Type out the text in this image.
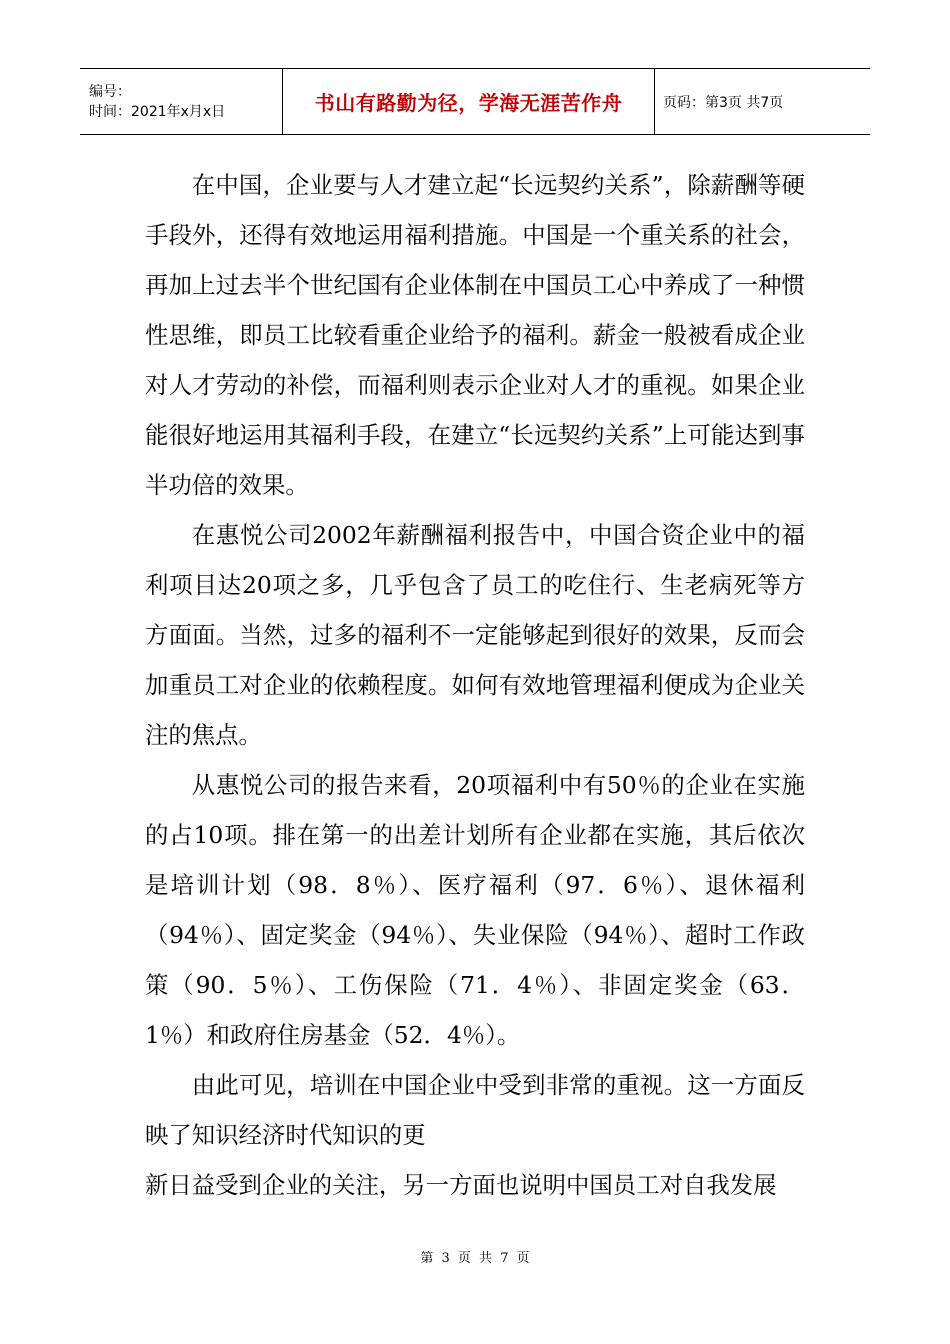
编号：
时间：2021年x月x日	书山有路勤为径，学海无涯苦作舟	页码：第3页 共7页

在中国，企业要与人才建立起“长远契约关系”，除薪酬等硬手段外，还得有效地运用福利措施。中国是一个重关系的社会，再加上过去半个世纪国有企业体制在中国员工心中养成了一种惯性思维，即员工比较看重企业给予的福利。薪金一般被看成企业对人才劳动的补偿，而福利则表示企业对人才的重视。如果企业能很好地运用其福利手段，在建立“长远契约关系”上可能达到事半功倍的效果。

在惠悦公司2002年薪酬福利报告中，中国合资企业中的福利项目达20项之多，几乎包含了员工的吃住行、生老病死等方方面面。当然，过多的福利不一定能够起到很好的效果，反而会加重员工对企业的依赖程度。如何有效地管理福利便成为企业关注的焦点。

从惠悦公司的报告来看，20项福利中有50％的企业在实施的占10项。排在第一的出差计划所有企业都在实施，其后依次是培训计划（98．8％）、医疗福利（97．6％）、退休福利（94％）、固定奖金（94％）、失业保险（94％）、超时工作政策（90．5％）、工伤保险（71．4％）、非固定奖金（63．1％）和政府住房基金（52．4％）。

由此可见，培训在中国企业中受到非常的重视。这一方面反映了知识经济时代知识的更

新日益受到企业的关注，另一方面也说明中国员工对自我发展

第 3 页 共 7 页
